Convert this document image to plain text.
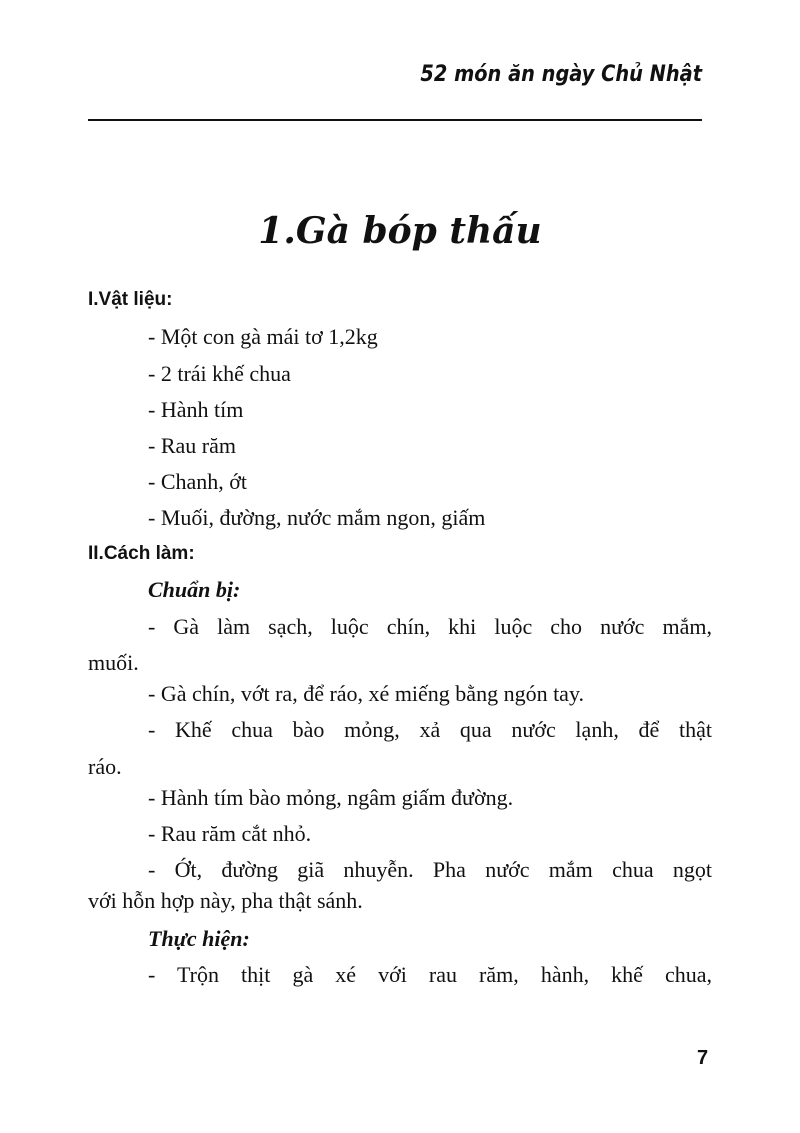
52 món ăn ngày Chủ Nhật
1.Gà bóp thấu
I.Vật liệu:
- Một con gà mái tơ 1,2kg
- 2 trái khế chua
- Hành tím
- Rau răm
- Chanh, ớt
- Muối, đường, nước mắm ngon, giấm
II.Cách làm:
Chuẩn bị:
- Gà làm sạch, luộc chín, khi luộc cho nước mắm,
muối.
- Gà chín, vớt ra, để ráo, xé miếng bằng ngón tay.
- Khế chua bào mỏng, xả qua nước lạnh, để thật
ráo.
- Hành tím bào mỏng, ngâm giấm đường.
- Rau răm cắt nhỏ.
- Ớt, đường giã nhuyễn. Pha nước mắm chua ngọt
với hỗn hợp này, pha thật sánh.
Thực hiện:
- Trộn thịt gà xé với rau răm, hành, khế chua,
7
